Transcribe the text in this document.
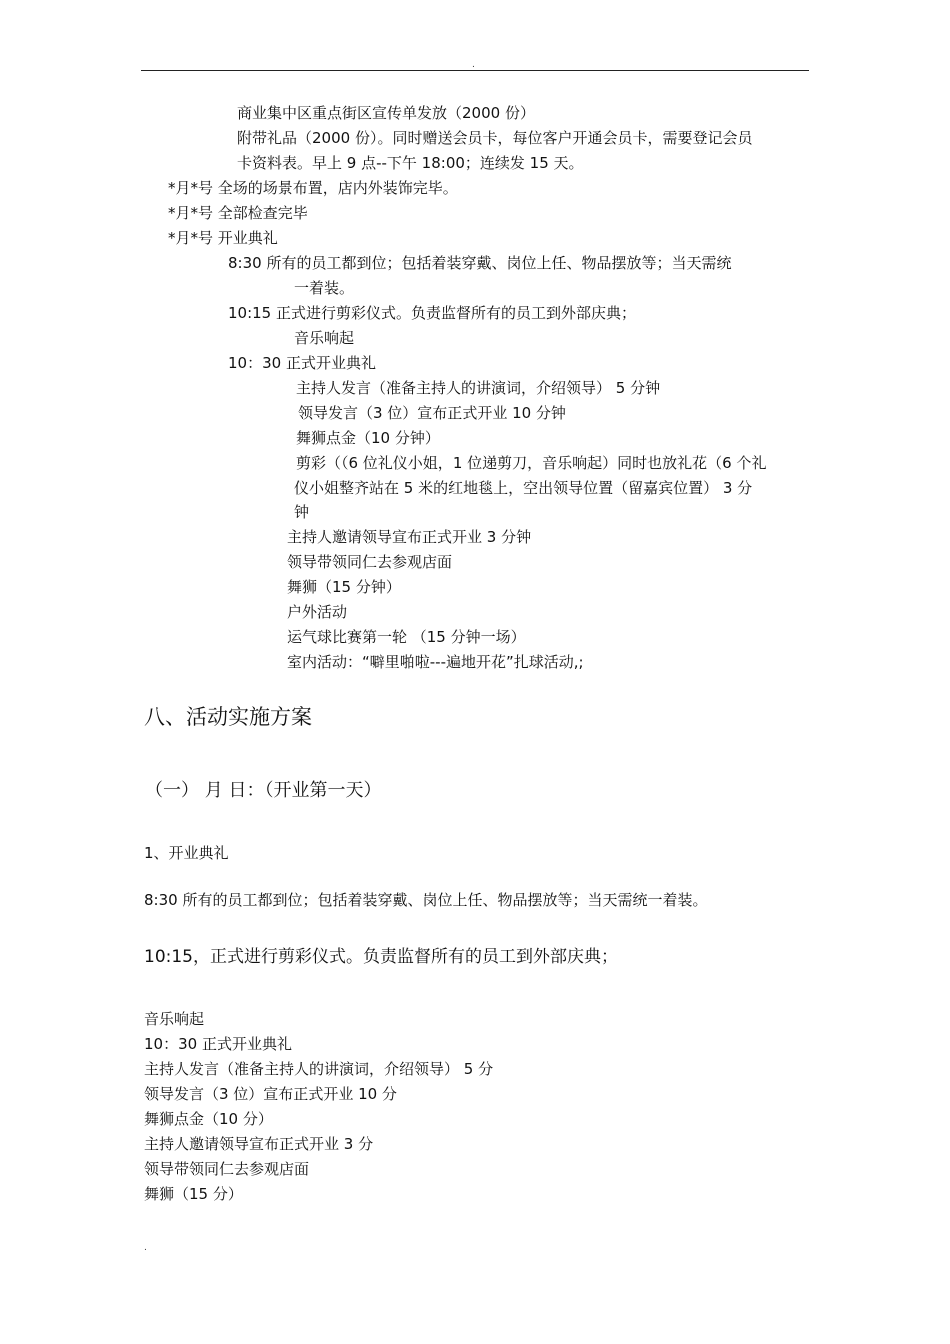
.
商业集中区重点街区宣传单发放（2000 份）
附带礼品（2000 份）。同时赠送会员卡，每位客户开通会员卡，需要登记会员
卡资料表。早上 9 点--下午 18:00；连续发 15 天。
*月*号 全场的场景布置，店内外装饰完毕。
*月*号 全部检查完毕
*月*号 开业典礼
8:30 所有的员工都到位；包括着装穿戴、岗位上任、物品摆放等；当天需统
一着装。
10:15 正式进行剪彩仪式。负责监督所有的员工到外部庆典；
音乐响起
10：30 正式开业典礼
主持人发言（准备主持人的讲演词，介绍领导） 5 分钟
领导发言（3 位）宣布正式开业 10 分钟
舞狮点金（10 分钟）
剪彩（（6 位礼仪小姐，1 位递剪刀，音乐响起）同时也放礼花（6 个礼
仪小姐整齐站在 5 米的红地毯上，空出领导位置（留嘉宾位置） 3 分
钟
主持人邀请领导宣布正式开业 3 分钟
领导带领同仁去参观店面
舞狮（15 分钟）
户外活动
运气球比赛第一轮 （15 分钟一场）
室内活动：“噼里啪啦---遍地开花”扎球活动,;
八、活动实施方案
（一） 月 日：（开业第一天）
1、开业典礼
8:30 所有的员工都到位；包括着装穿戴、岗位上任、物品摆放等；当天需统一着装。
10:15，正式进行剪彩仪式。负责监督所有的员工到外部庆典；
音乐响起
10：30 正式开业典礼
主持人发言（准备主持人的讲演词，介绍领导） 5 分
领导发言（3 位）宣布正式开业 10 分
舞狮点金（10 分）
主持人邀请领导宣布正式开业 3 分
领导带领同仁去参观店面
舞狮（15 分）
.
